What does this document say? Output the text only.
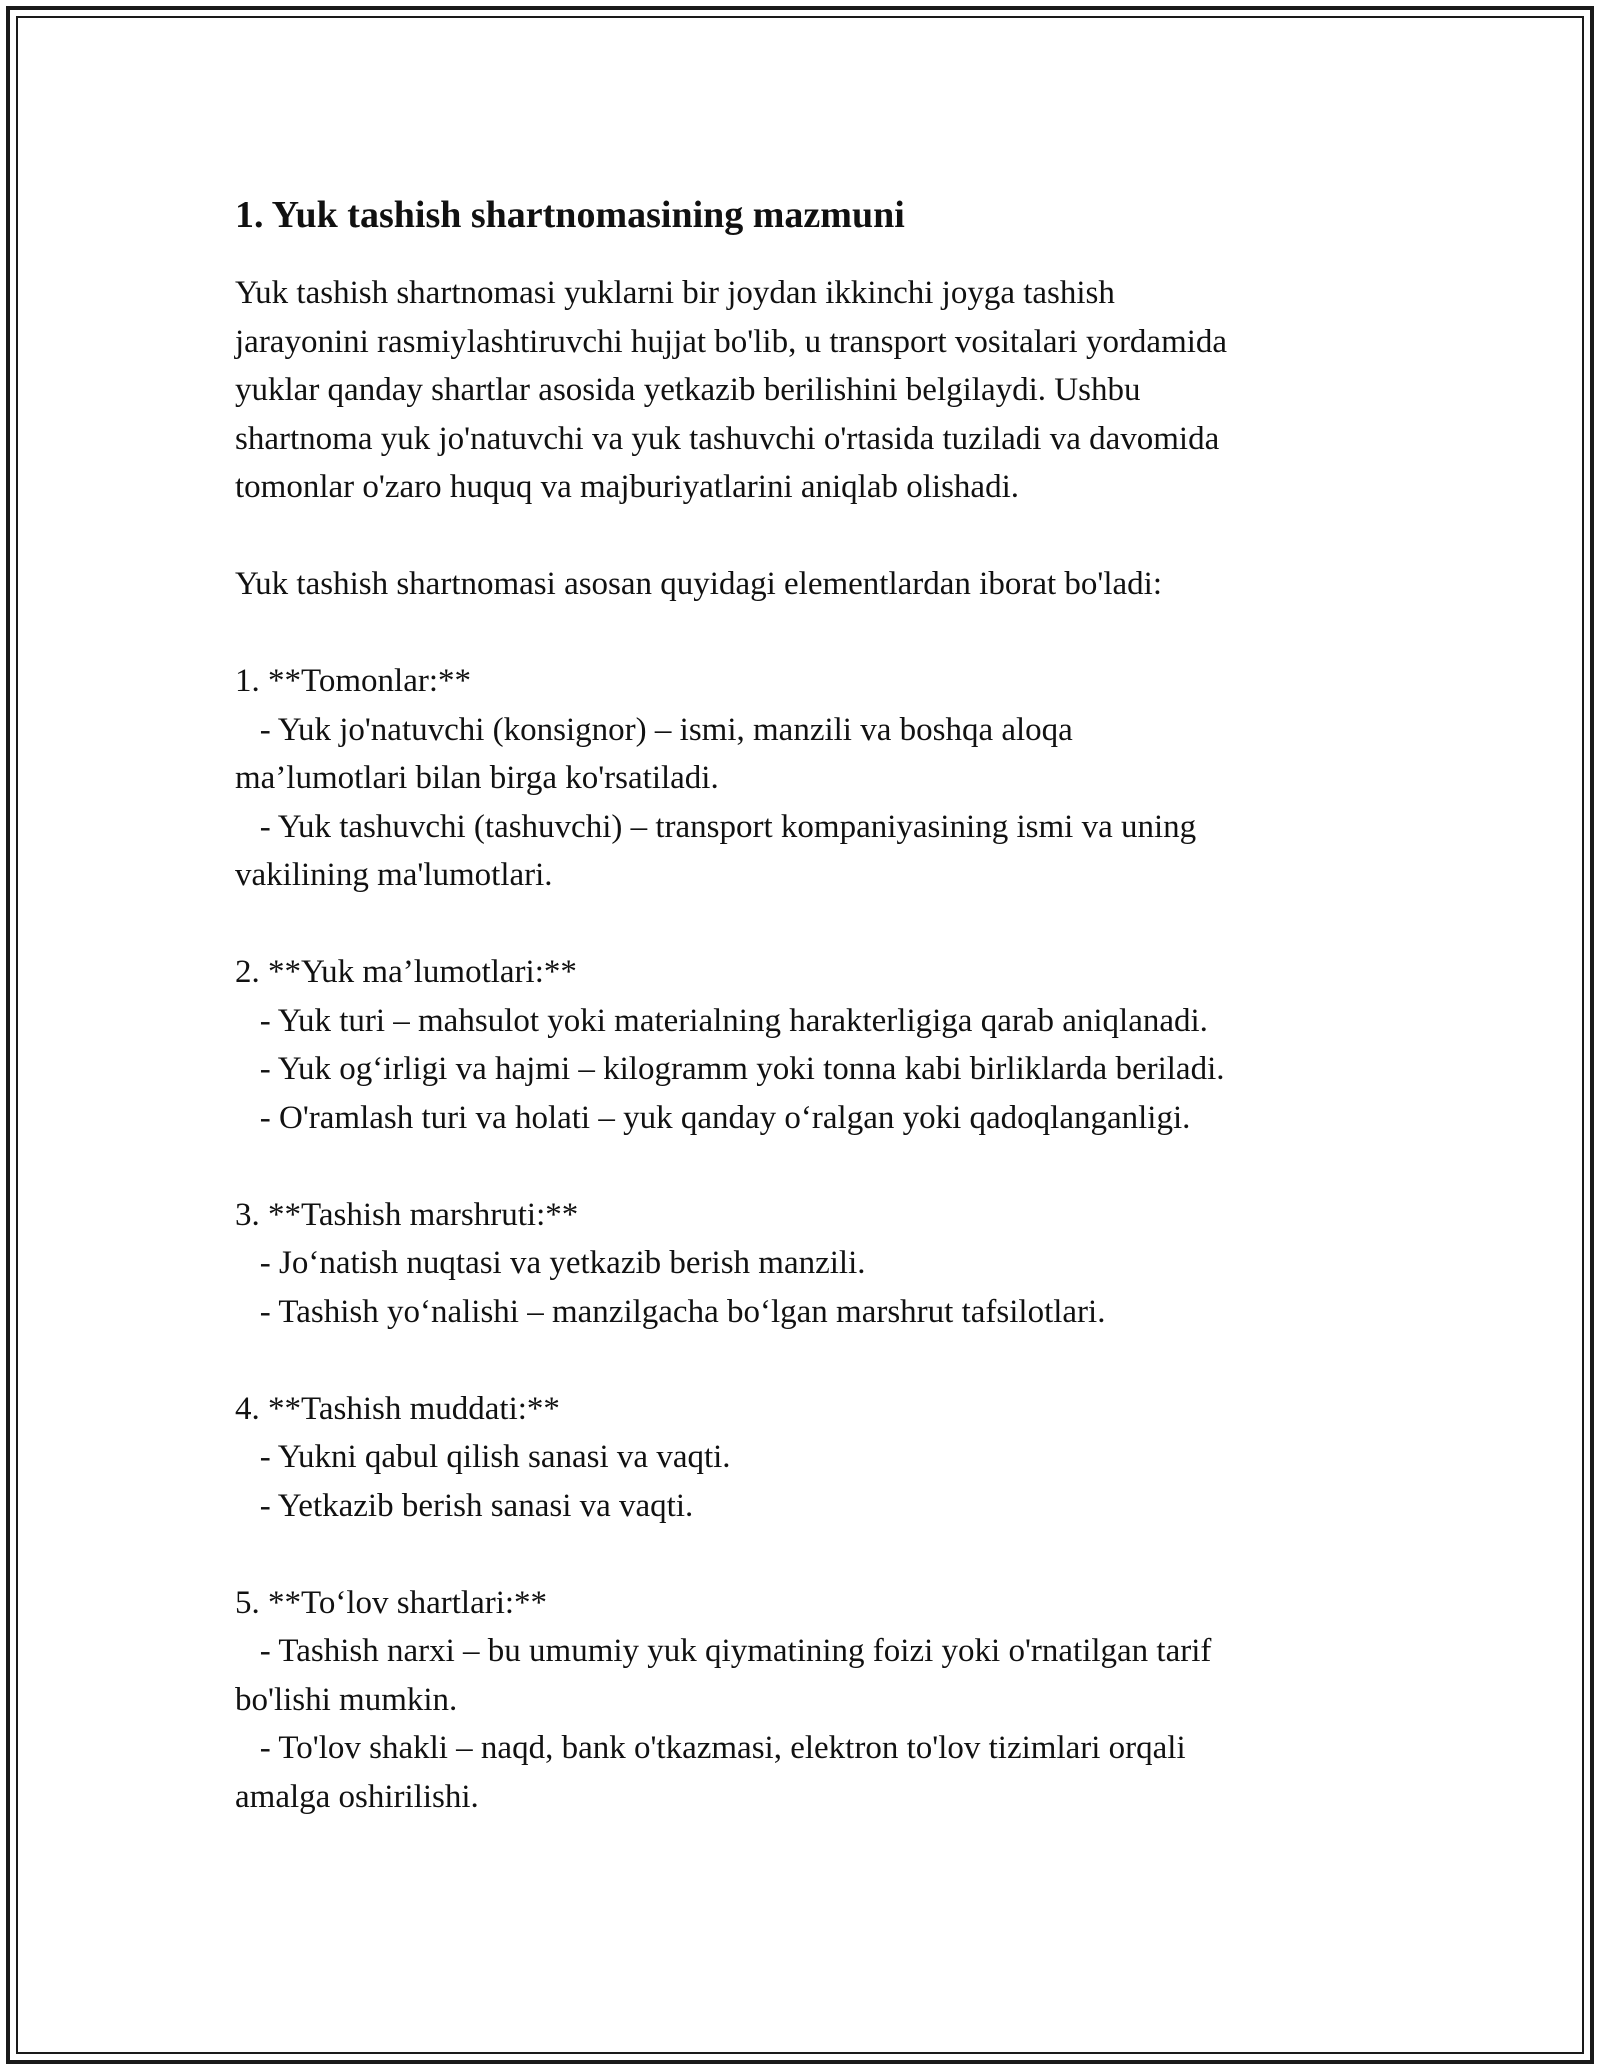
1. Yuk tashish shartnomasining mazmuni
Yuk tashish shartnomasi yuklarni bir joydan ikkinchi joyga tashish
jarayonini rasmiylashtiruvchi hujjat bo'lib, u transport vositalari yordamida
yuklar qanday shartlar asosida yetkazib berilishini belgilaydi. Ushbu
shartnoma yuk jo'natuvchi va yuk tashuvchi o'rtasida tuziladi va davomida
tomonlar o'zaro huquq va majburiyatlarini aniqlab olishadi.
Yuk tashish shartnomasi asosan quyidagi elementlardan iborat bo'ladi:
1. **Tomonlar:**
- Yuk jo'natuvchi (konsignor) – ismi, manzili va boshqa aloqa
ma’lumotlari bilan birga ko'rsatiladi.
- Yuk tashuvchi (tashuvchi) – transport kompaniyasining ismi va uning
vakilining ma'lumotlari.
2. **Yuk ma’lumotlari:**
- Yuk turi – mahsulot yoki materialning harakterligiga qarab aniqlanadi.
- Yuk og‘irligi va hajmi – kilogramm yoki tonna kabi birliklarda beriladi.
- O'ramlash turi va holati – yuk qanday o‘ralgan yoki qadoqlanganligi.
3. **Tashish marshruti:**
- Jo‘natish nuqtasi va yetkazib berish manzili.
- Tashish yo‘nalishi – manzilgacha bo‘lgan marshrut tafsilotlari.
4. **Tashish muddati:**
- Yukni qabul qilish sanasi va vaqti.
- Yetkazib berish sanasi va vaqti.
5. **To‘lov shartlari:**
- Tashish narxi – bu umumiy yuk qiymatining foizi yoki o'rnatilgan tarif
bo'lishi mumkin.
- To'lov shakli – naqd, bank o'tkazmasi, elektron to'lov tizimlari orqali
amalga oshirilishi.
